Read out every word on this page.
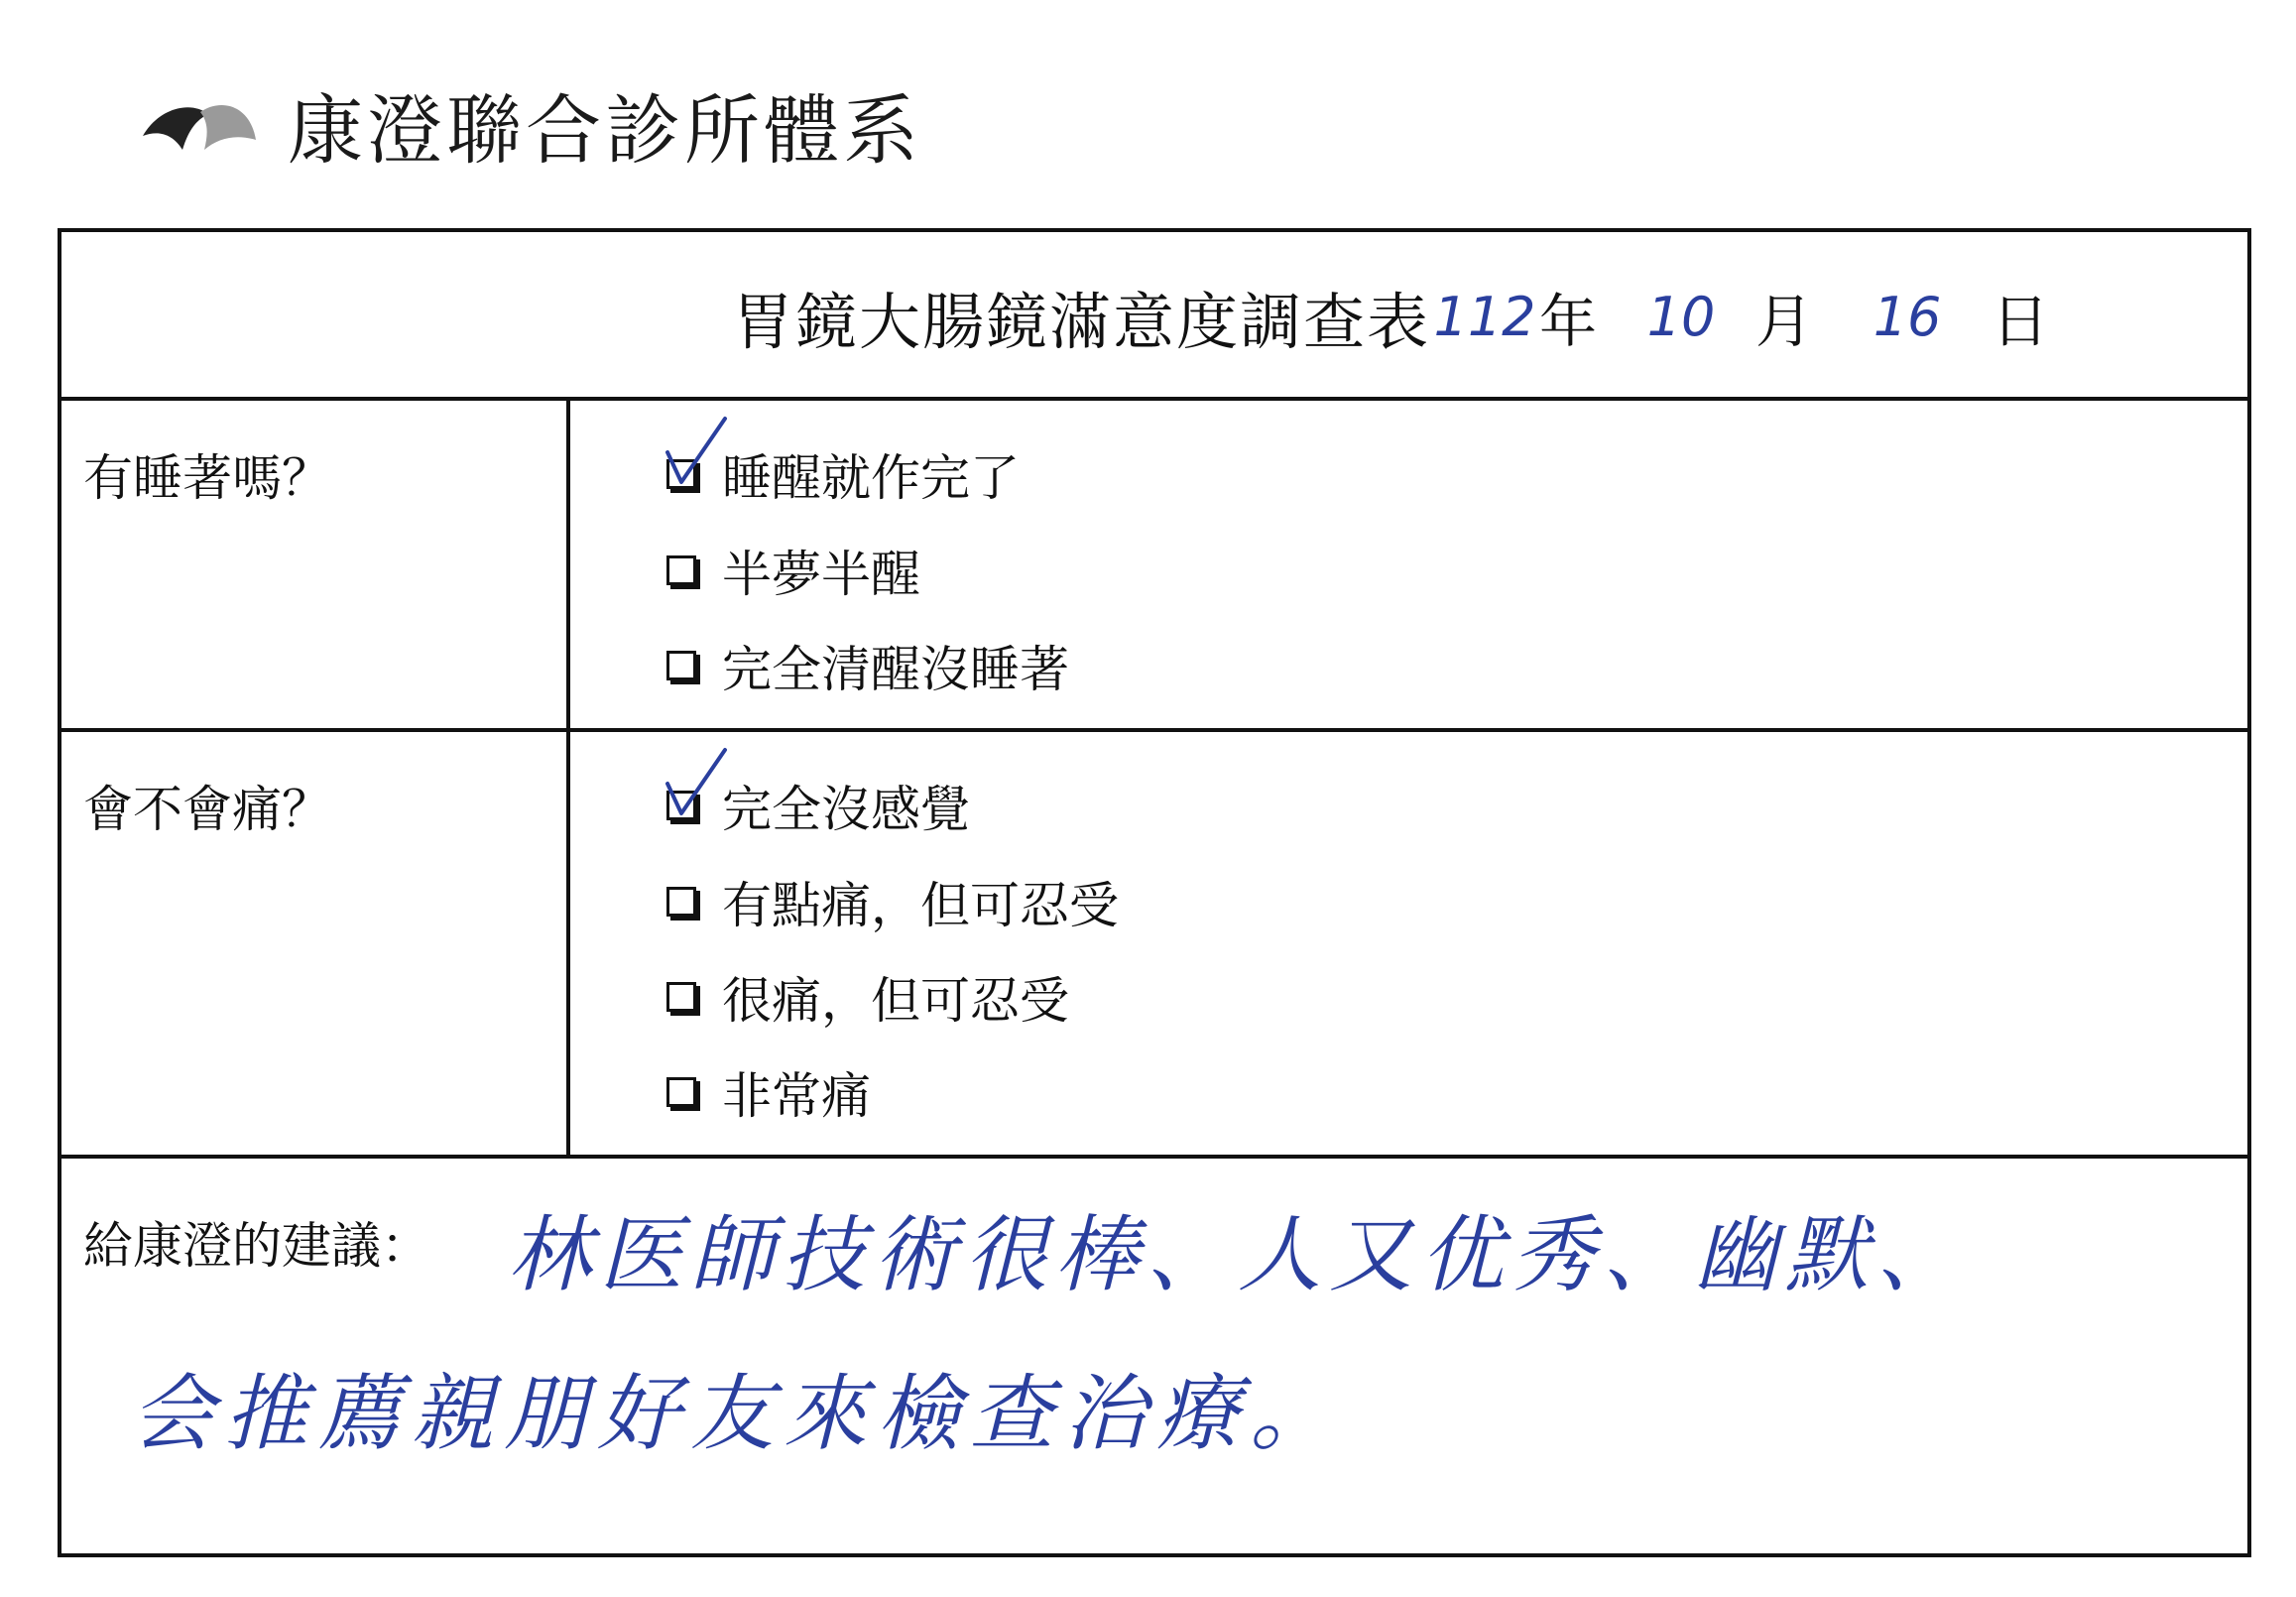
康澄聯合診所體系
胃鏡大腸鏡滿意度調查表 112 年 10 月	16 日
有睡著嗎？	睡醒就作完了
半夢半醒
完全清醒沒睡著
會不會痛？	完全沒感覺
有點痛，但可忍受
很痛，但可忍受
非常痛
給康澄的建議： 林医師技術很棒、人又优秀、幽默、
会推薦親朋好友來檢查治療。
